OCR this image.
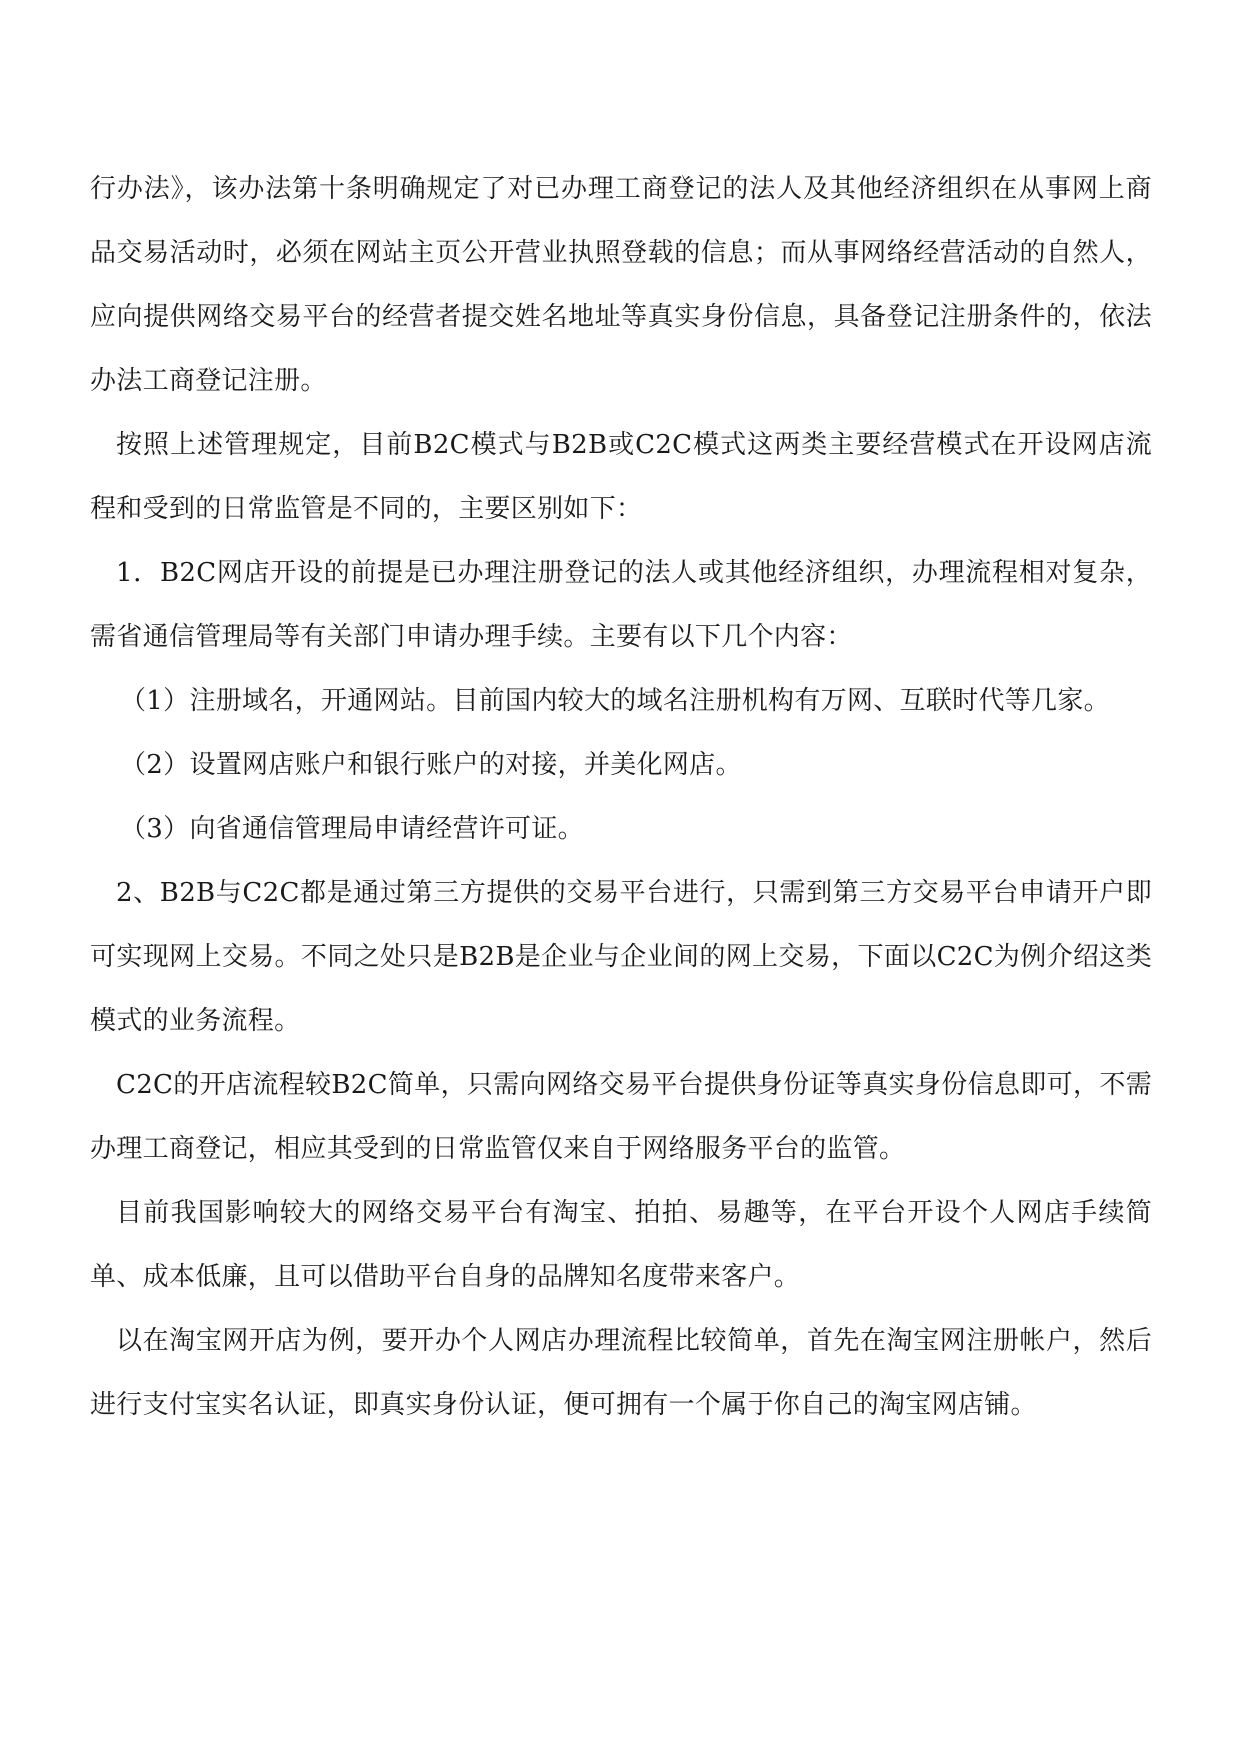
行办法》，该办法第十条明确规定了对已办理工商登记的法人及其他经济组织在从事网上商品交易活动时，必须在网站主页公开营业执照登载的信息；而从事网络经营活动的自然人，应向提供网络交易平台的经营者提交姓名地址等真实身份信息，具备登记注册条件的，依法办法工商登记注册。

按照上述管理规定，目前B2C模式与B2B或C2C模式这两类主要经营模式在开设网店流程和受到的日常监管是不同的，主要区别如下：

1．B2C网店开设的前提是已办理注册登记的法人或其他经济组织，办理流程相对复杂，需省通信管理局等有关部门申请办理手续。主要有以下几个内容：

（1）注册域名，开通网站。目前国内较大的域名注册机构有万网、互联时代等几家。

（2）设置网店账户和银行账户的对接，并美化网店。

（3）向省通信管理局申请经营许可证。

2、B2B与C2C都是通过第三方提供的交易平台进行，只需到第三方交易平台申请开户即可实现网上交易。不同之处只是B2B是企业与企业间的网上交易，下面以C2C为例介绍这类模式的业务流程。

C2C的开店流程较B2C简单，只需向网络交易平台提供身份证等真实身份信息即可，不需办理工商登记，相应其受到的日常监管仅来自于网络服务平台的监管。

目前我国影响较大的网络交易平台有淘宝、拍拍、易趣等，在平台开设个人网店手续简单、成本低廉，且可以借助平台自身的品牌知名度带来客户。

以在淘宝网开店为例，要开办个人网店办理流程比较简单，首先在淘宝网注册帐户，然后进行支付宝实名认证，即真实身份认证，便可拥有一个属于你自己的淘宝网店铺。
